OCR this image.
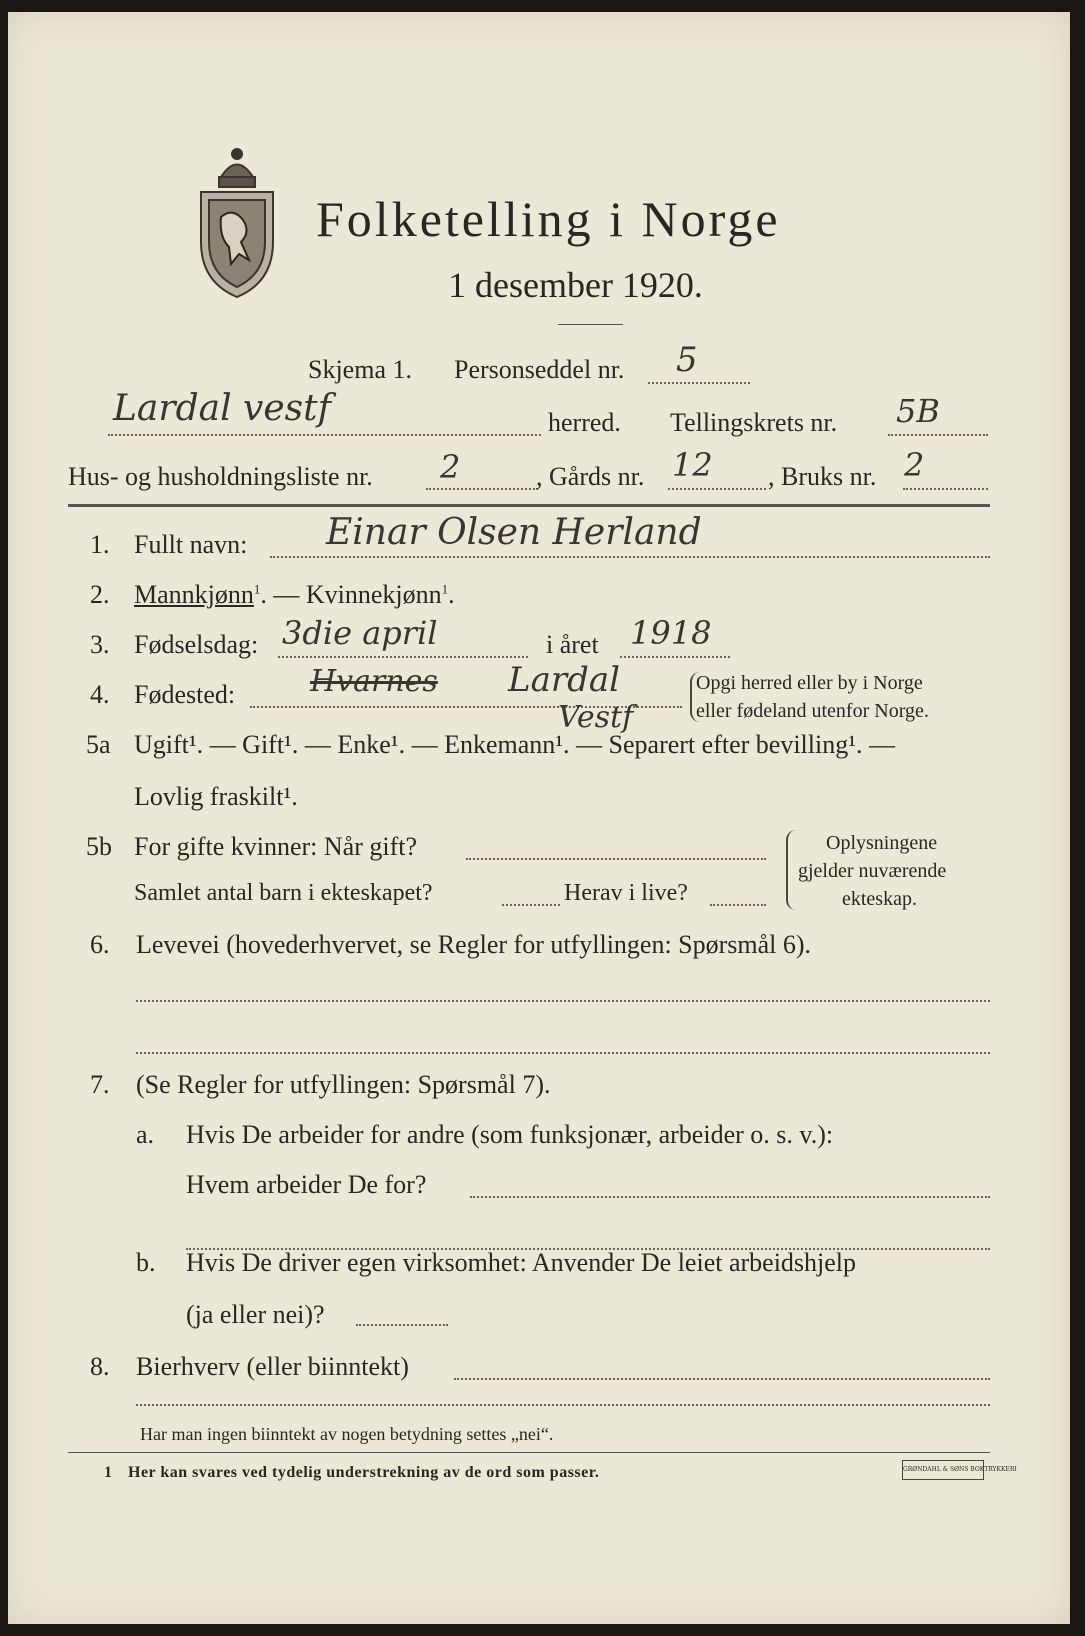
Folketelling i Norge
1 desember 1920.
Skjema 1. Personseddel nr. 5
Lardal vestf	herred. Tellingskrets nr. 5B
Hus- og husholdningsliste nr. 2	, Gårds nr. 12 , Bruks nr. 2
1. Fullt navn: Einar Olsen Herland
2. Mannkjønn$^1$. — Kvinnekjønn$^1$.
3. Fødselsdag: 3die april	i året 1918
4. Fødested: Hvarnes Lardal
Vestf
Opgi herred eller by i Norge
eller fødeland utenfor Norge.
5a Ugift¹. — Gift¹. — Enke¹. — Enkemann¹. — Separert efter bevilling¹. —
Lovlig fraskilt¹.
5b For gifte kvinner: Når gift?
Samlet antal barn i ekteskapet?	Herav i live?
Oplysningene
gjelder nuværende
ekteskap.
6. Levevei (hovederhvervet, se Regler for utfyllingen: Spørsmål 6).
7. (Se Regler for utfyllingen: Spørsmål 7).
a. Hvis De arbeider for andre (som funksjonær, arbeider o. s. v.):
Hvem arbeider De for?
b. Hvis De driver egen virksomhet: Anvender De leiet arbeidshjelp
(ja eller nei)?
8. Bierhverv (eller biinntekt)
Har man ingen biinntekt av nogen betydning settes „nei“.
1 Her kan svares ved tydelig understrekning av de ord som passer.	GRØNDAHL & SØNS BOKTRYKKERI
